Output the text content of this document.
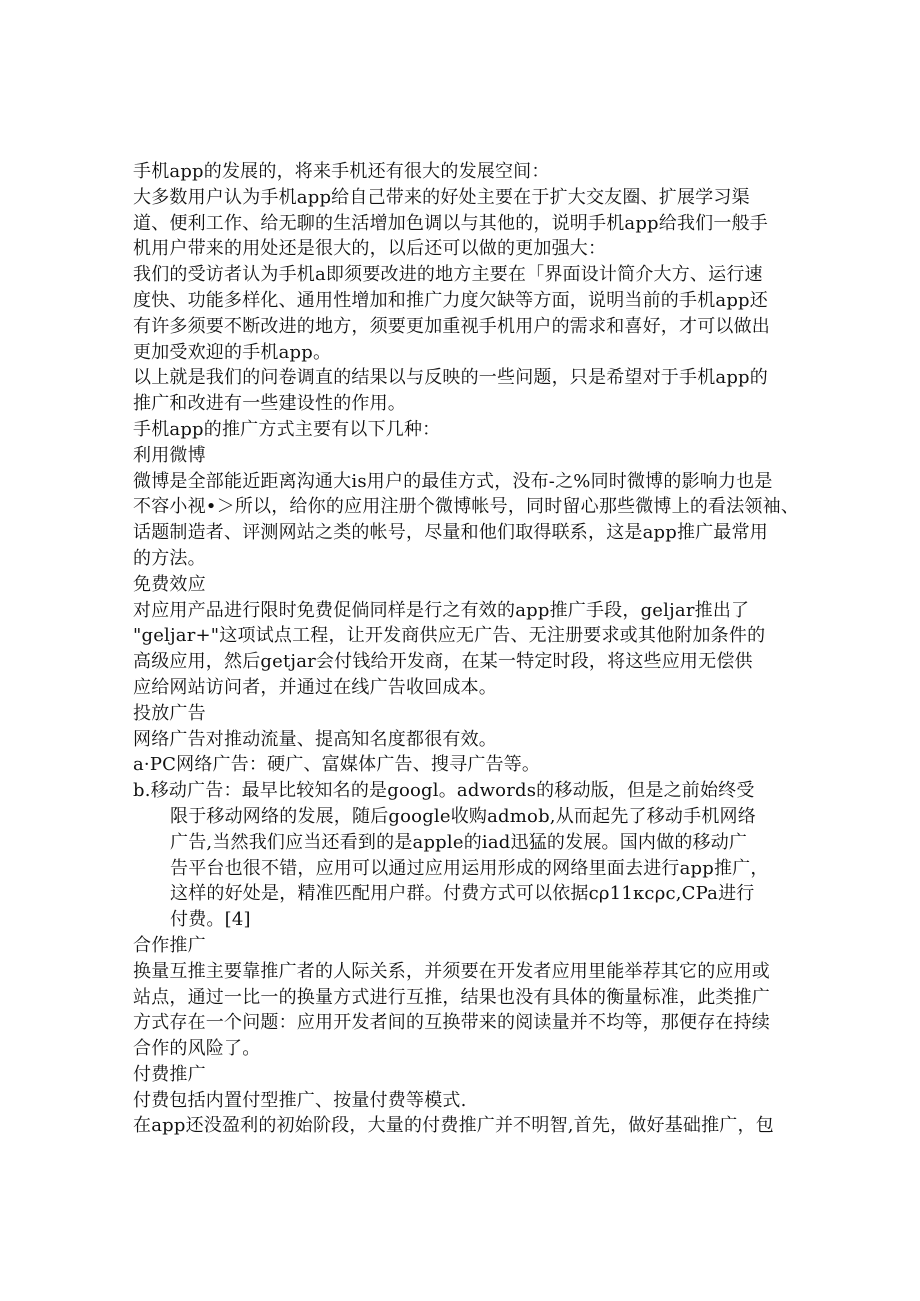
手机app的发展的，将来手机还有很大的发展空间：
大多数用户认为手机app给自己带来的好处主要在于扩大交友圈、扩展学习渠
道、便利工作、给无聊的生活增加色调以与其他的，说明手机app给我们一般手
机用户带来的用处还是很大的，以后还可以做的更加强大：
我们的受访者认为手机a即须要改进的地方主要在「界面设计简介大方、运行速
度快、功能多样化、通用性增加和推广力度欠缺等方面，说明当前的手机app还
有许多须要不断改进的地方，须要更加重视手机用户的需求和喜好，才可以做出
更加受欢迎的手机app。
以上就是我们的问卷调直的结果以与反映的一些问题，只是希望对于手机app的
推广和改进有一些建设性的作用。
手机app的推广方式主要有以下几种：
利用微博
微博是全部能近距离沟通大is用户的最佳方式，没布-之%同时微博的影响力也是
不容小视•＞所以，给你的应用注册个微博帐号，同时留心那些微博上的看法领袖、
话题制造者、评测网站之类的帐号，尽量和他们取得联系，这是app推广最常用
的方法。
免费效应
对应用产品进行限时免费促倘同样是行之有效的app推广手段，geljar推出了
"geljar+"这项试点工程，让开发商供应无广告、无注册要求或其他附加条件的
高级应用，然后getjar会付钱给开发商，在某一特定时段，将这些应用无偿供
应给网站访问者，并通过在线广告收回成本。
投放广告
网络广告对推动流量、提高知名度都很有效。
a·PC网络广告：硬广、富媒体广告、搜寻广告等。
b.移动广告：最早比较知名的是googl。adwords的移动版，但是之前始终受
限于移动网络的发展，随后google收购admob,从而起先了移动手机网络
广告,当然我们应当还看到的是apple的iad迅猛的发展。国内做的移动广
告平台也很不错，应用可以通过应用运用形成的网络里面去进行app推广，
这样的好处是，精准匹配用户群。付费方式可以依据cρ11κcρc,CPa进行
付费。[4]
合作推广
换量互推主要靠推广者的人际关系，并须要在开发者应用里能举荐其它的应用或
站点，通过一比一的换量方式进行互推，结果也没有具体的衡量标准，此类推广
方式存在一个问题：应用开发者间的互换带来的阅读量并不均等，那便存在持续
合作的风险了。
付费推广
付费包括内置付型推广、按量付费等模式.
在app还没盈利的初始阶段，大量的付费推广并不明智,首先，做好基础推广，包
